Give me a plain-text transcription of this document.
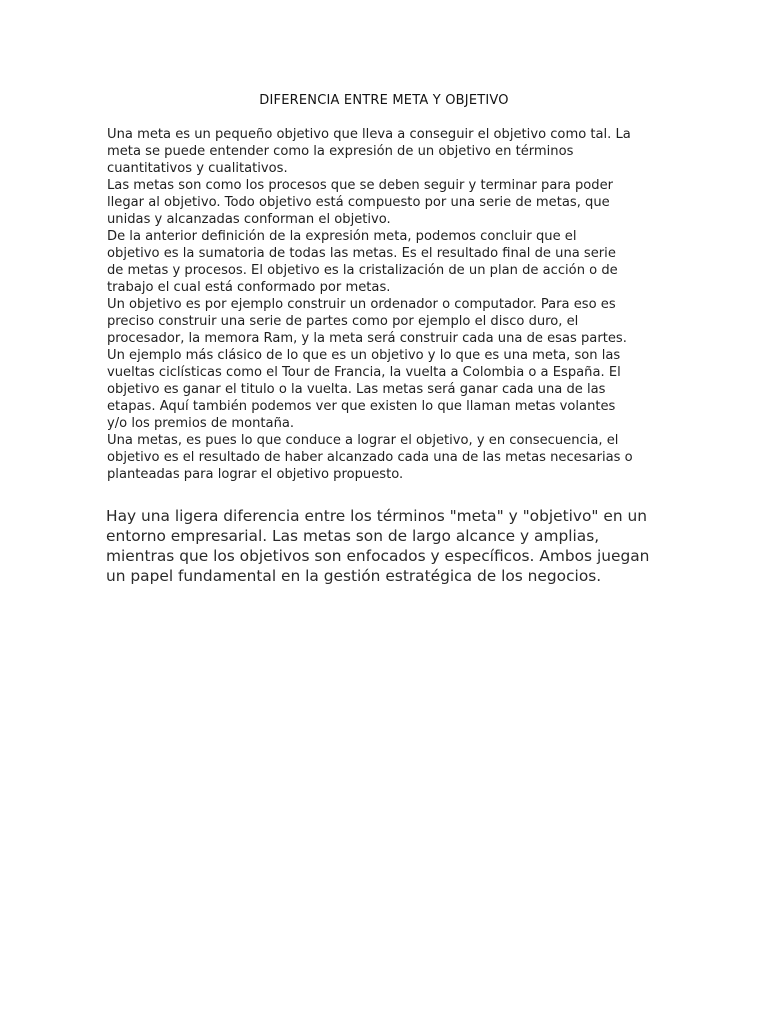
DIFERENCIA ENTRE META Y OBJETIVO
Una meta es un pequeño objetivo que lleva a conseguir el objetivo como tal. La
meta se puede entender como la expresión de un objetivo en términos
cuantitativos y cualitativos.
Las metas son como los procesos que se deben seguir y terminar para poder
llegar al objetivo. Todo objetivo está compuesto por una serie de metas, que
unidas y alcanzadas conforman el objetivo.
De la anterior definición de la expresión meta, podemos concluir que el
objetivo es la sumatoria de todas las metas. Es el resultado final de una serie
de metas y procesos. El objetivo es la cristalización de un plan de acción o de
trabajo el cual está conformado por metas.
Un objetivo es por ejemplo construir un ordenador o computador. Para eso es
preciso construir una serie de partes como por ejemplo el disco duro, el
procesador, la memora Ram, y la meta será construir cada una de esas partes.
Un ejemplo más clásico de lo que es un objetivo y lo que es una meta, son las
vueltas ciclísticas como el Tour de Francia, la vuelta a Colombia o a España. El
objetivo es ganar el titulo o la vuelta. Las metas será ganar cada una de las
etapas. Aquí también podemos ver que existen lo que llaman metas volantes
y/o los premios de montaña.
Una metas, es pues lo que conduce a lograr el objetivo, y en consecuencia, el
objetivo es el resultado de haber alcanzado cada una de las metas necesarias o
planteadas para lograr el objetivo propuesto.
Hay una ligera diferencia entre los términos "meta" y "objetivo" en un
entorno empresarial. Las metas son de largo alcance y amplias,
mientras que los objetivos son enfocados y específicos. Ambos juegan
un papel fundamental en la gestión estratégica de los negocios.
